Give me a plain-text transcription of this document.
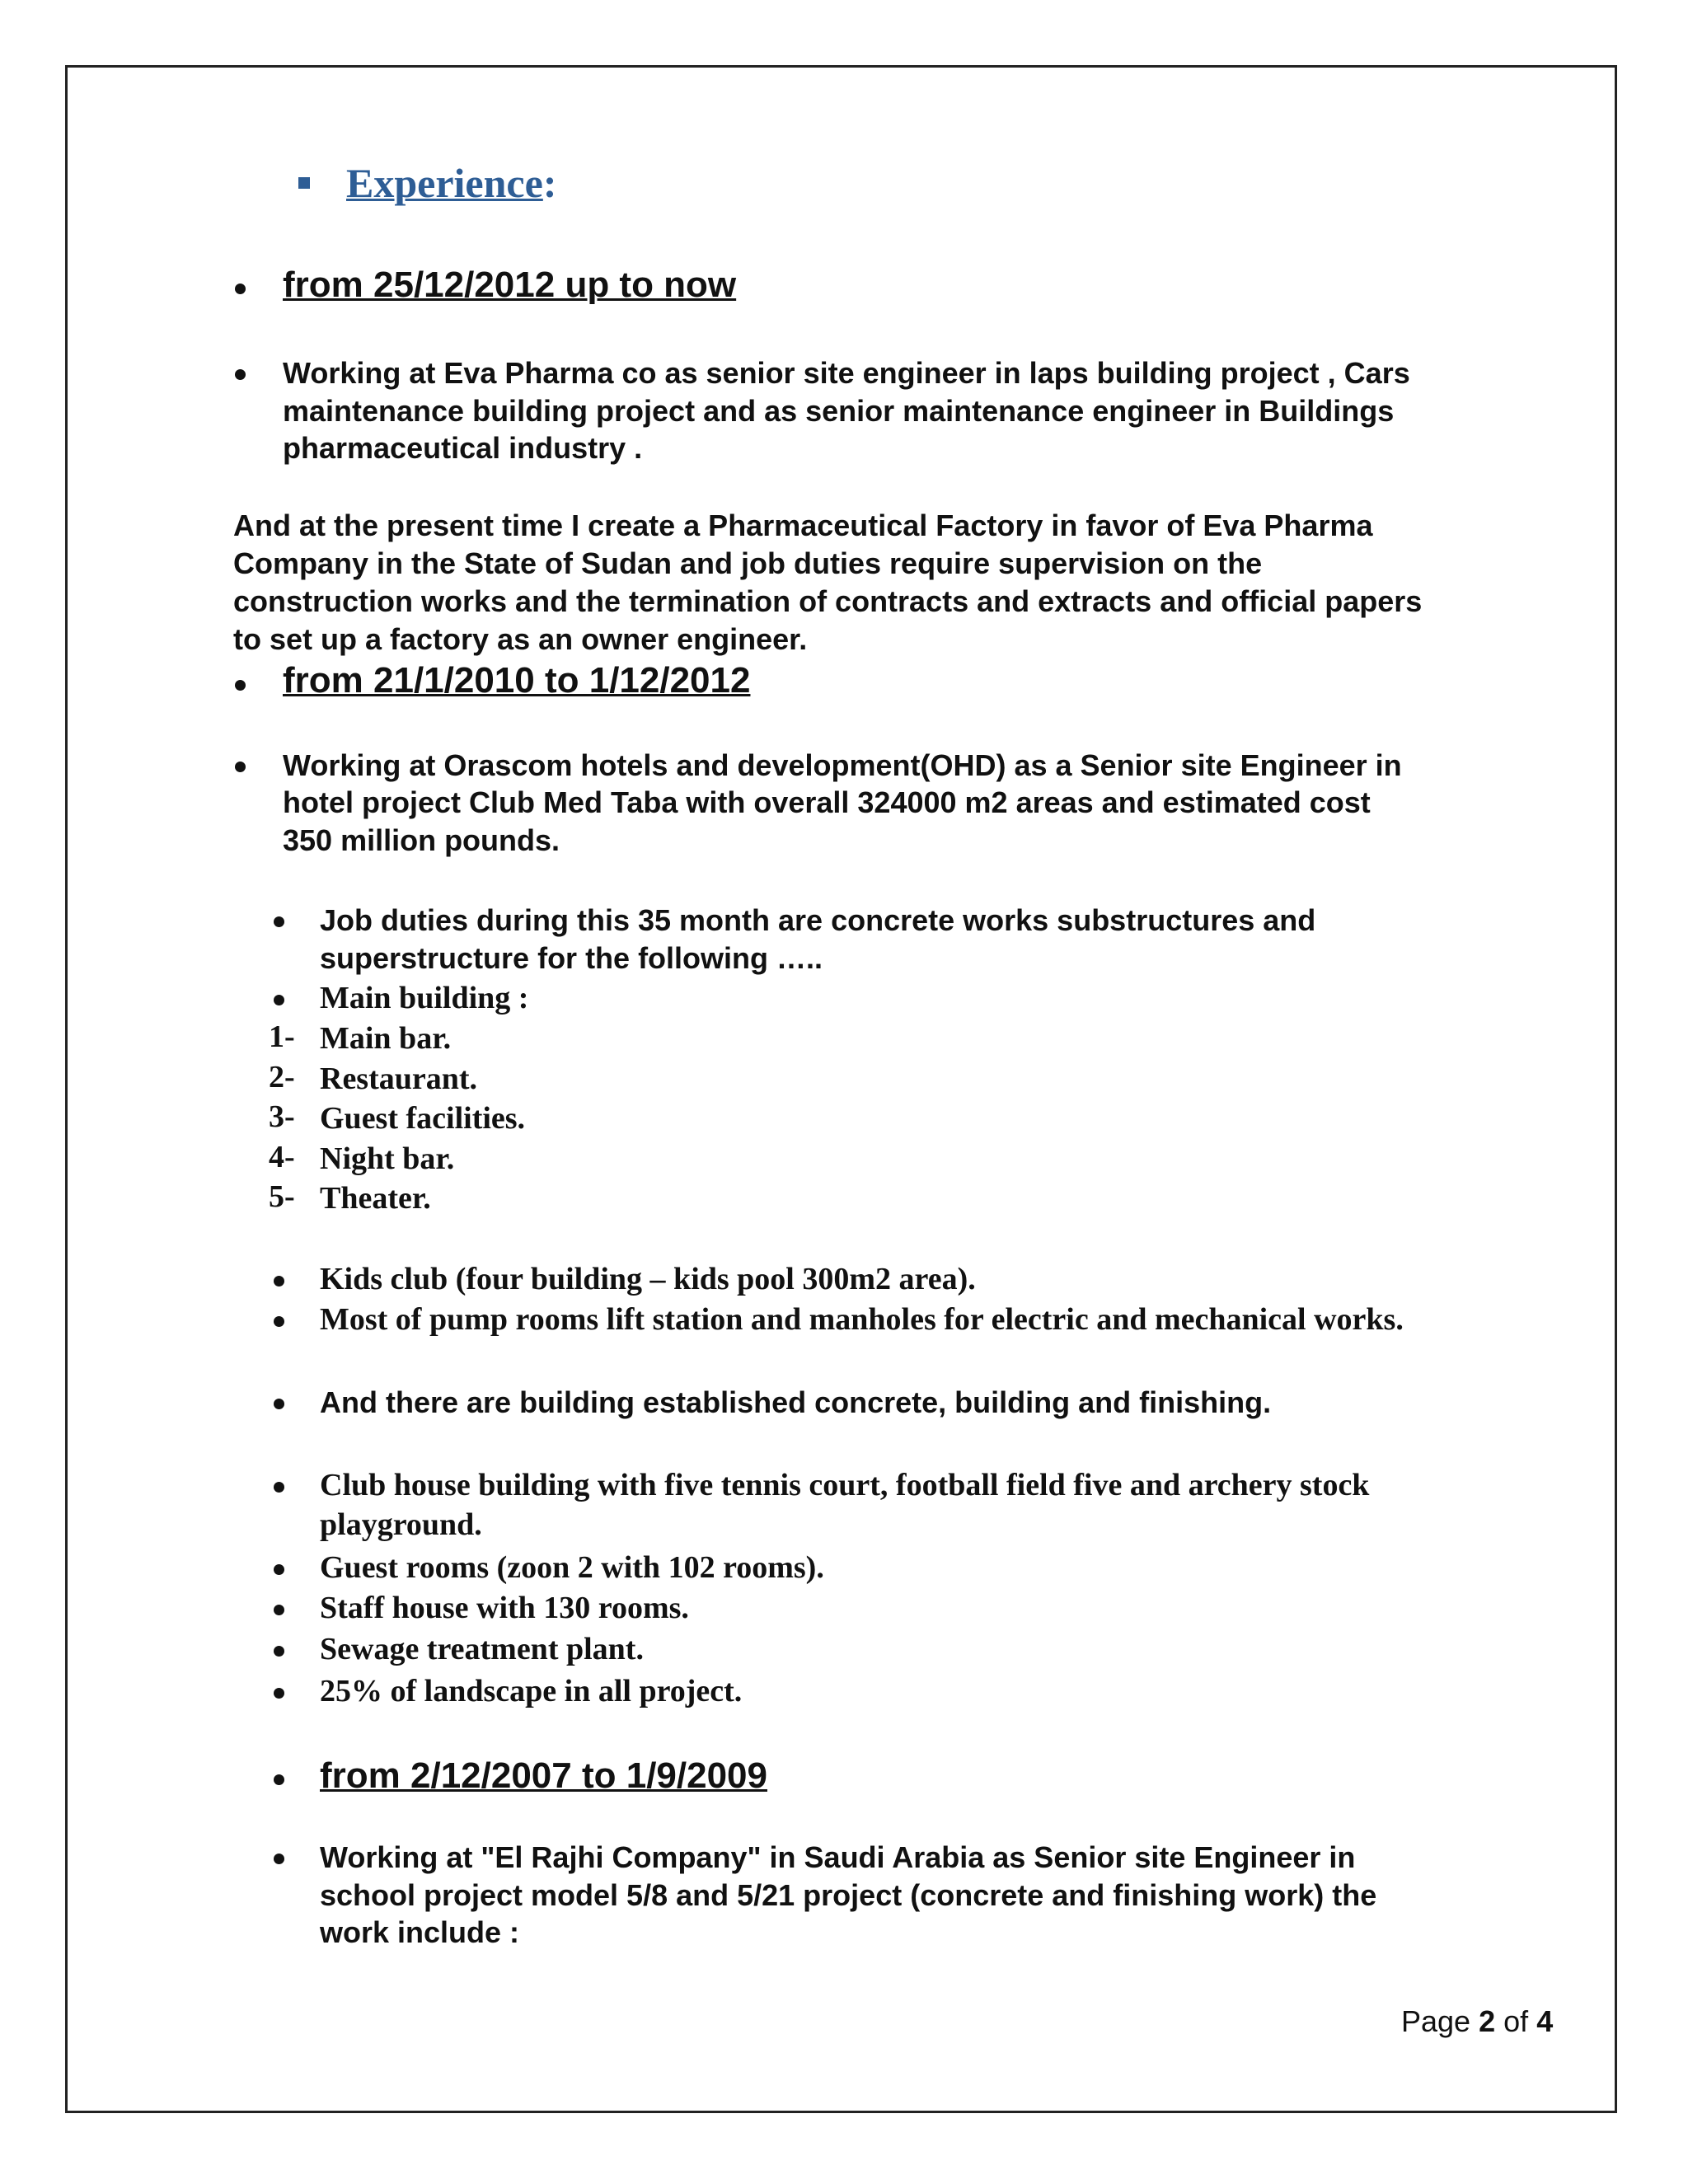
Experience:
from 25/12/2012 up to now
Working at Eva Pharma co as senior site engineer in laps building project , Cars
maintenance building project and as senior maintenance engineer in Buildings
pharmaceutical industry .
And at the present time I create a Pharmaceutical Factory in favor of Eva Pharma
Company in the State of Sudan and job duties require supervision on the
construction works and the termination of contracts and extracts and official papers
to set up a factory as an owner engineer.
from 21/1/2010 to 1/12/2012
Working at Orascom hotels and development(OHD) as a Senior site Engineer in
hotel project Club Med Taba with overall 324000 m2 areas and estimated cost
350 million pounds.
Job duties during this 35 month are concrete works substructures and
superstructure for the following …..
Main building :
1- Main bar.
2- Restaurant.
3- Guest facilities.
4- Night bar.
5- Theater.
Kids club (four building – kids pool 300m2 area).
Most of pump rooms lift station and manholes for electric and mechanical works.
And there are building established concrete, building and finishing.
Club house building with five tennis court, football field five and archery stock
playground.
Guest rooms (zoon 2 with 102 rooms).
Staff house with 130 rooms.
Sewage treatment plant.
25% of landscape in all project.
from 2/12/2007 to 1/9/2009
Working at "El Rajhi Company" in Saudi Arabia as Senior site Engineer in
school project model 5/8 and 5/21 project (concrete and finishing work) the
work include :
Page 2 of 4
